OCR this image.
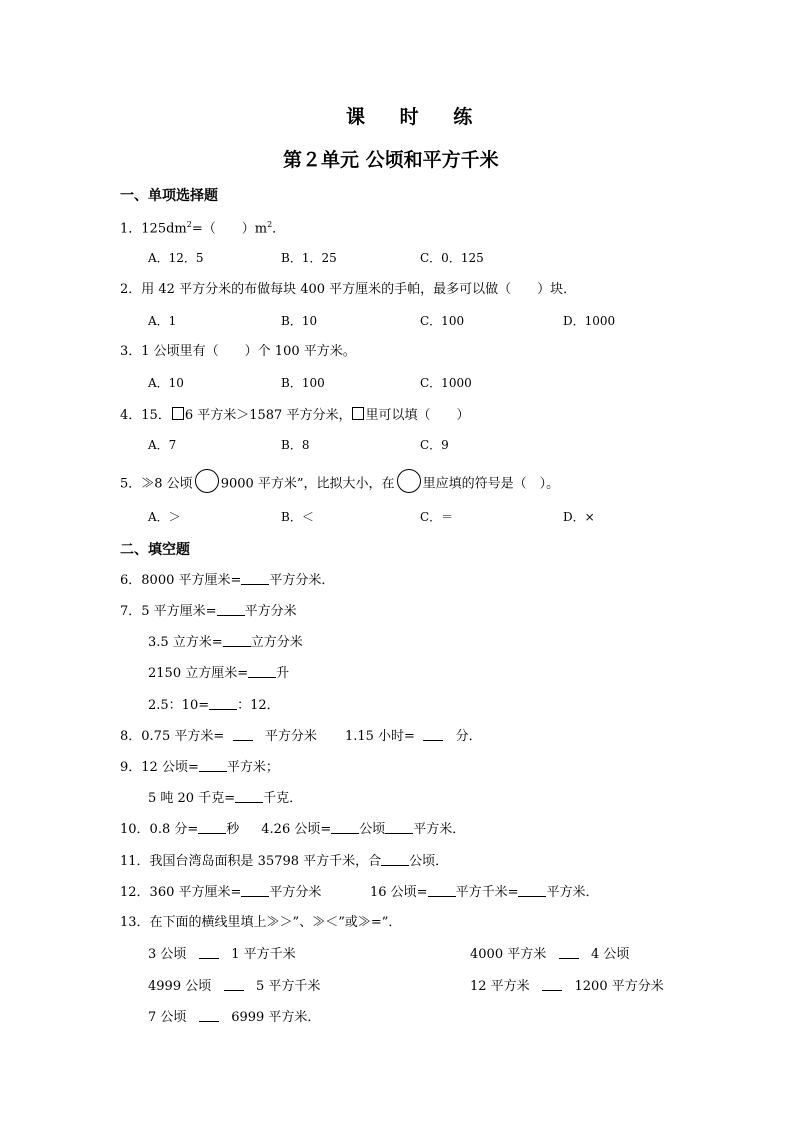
课 时 练
第２单元 公顷和平方千米
一、单项选择题
1．$125dm^2=$（　　）$m^2$．
A．12．5	B．1．25	C．0．125
2．用 42 平方分米的布做每块 400 平方厘米的手帕，最多可以做（　　）块．
A．1	B．10	C．100	D．1000
3．1 公顷里有（　　）个 100 平方米。
A．10	B．100	C．1000
4．15． 6 平方米＞1587 平方分米， 里可以填（　　）
A．7	B．8	C．9
5．≫8 公顷 9000 平方米”，比拟大小，在 里应填的符号是（　）。
A．＞	B．＜	C．＝	D．×
二、填空题
6．8000 平方厘米= 平方分米．
7．5 平方厘米= 平方分米
3.5 立方米= 立方分米
2150 立方厘米= 升
2.5：10= ：12．
8．0.75 平方米=	平方分米 1.15 小时=	分．
9．12 公顷= 平方米；
5 吨 20 千克= 千克．
10．0.8 分= 秒 4.26 公顷= 公顷 平方米．
11．我国台湾岛面积是 35798 平方千米，合 公顷．
12．360 平方厘米= 平方分米	16 公顷= 平方千米= 平方米．
13．在下面的横线里填上≫＞”、≫＜”或≫=”．
3 公顷	1 平方千米	4000 平方米	4 公顷
4999 公顷	5 平方千米	12 平方米	1200 平方分米
7 公顷	6999 平方米．
